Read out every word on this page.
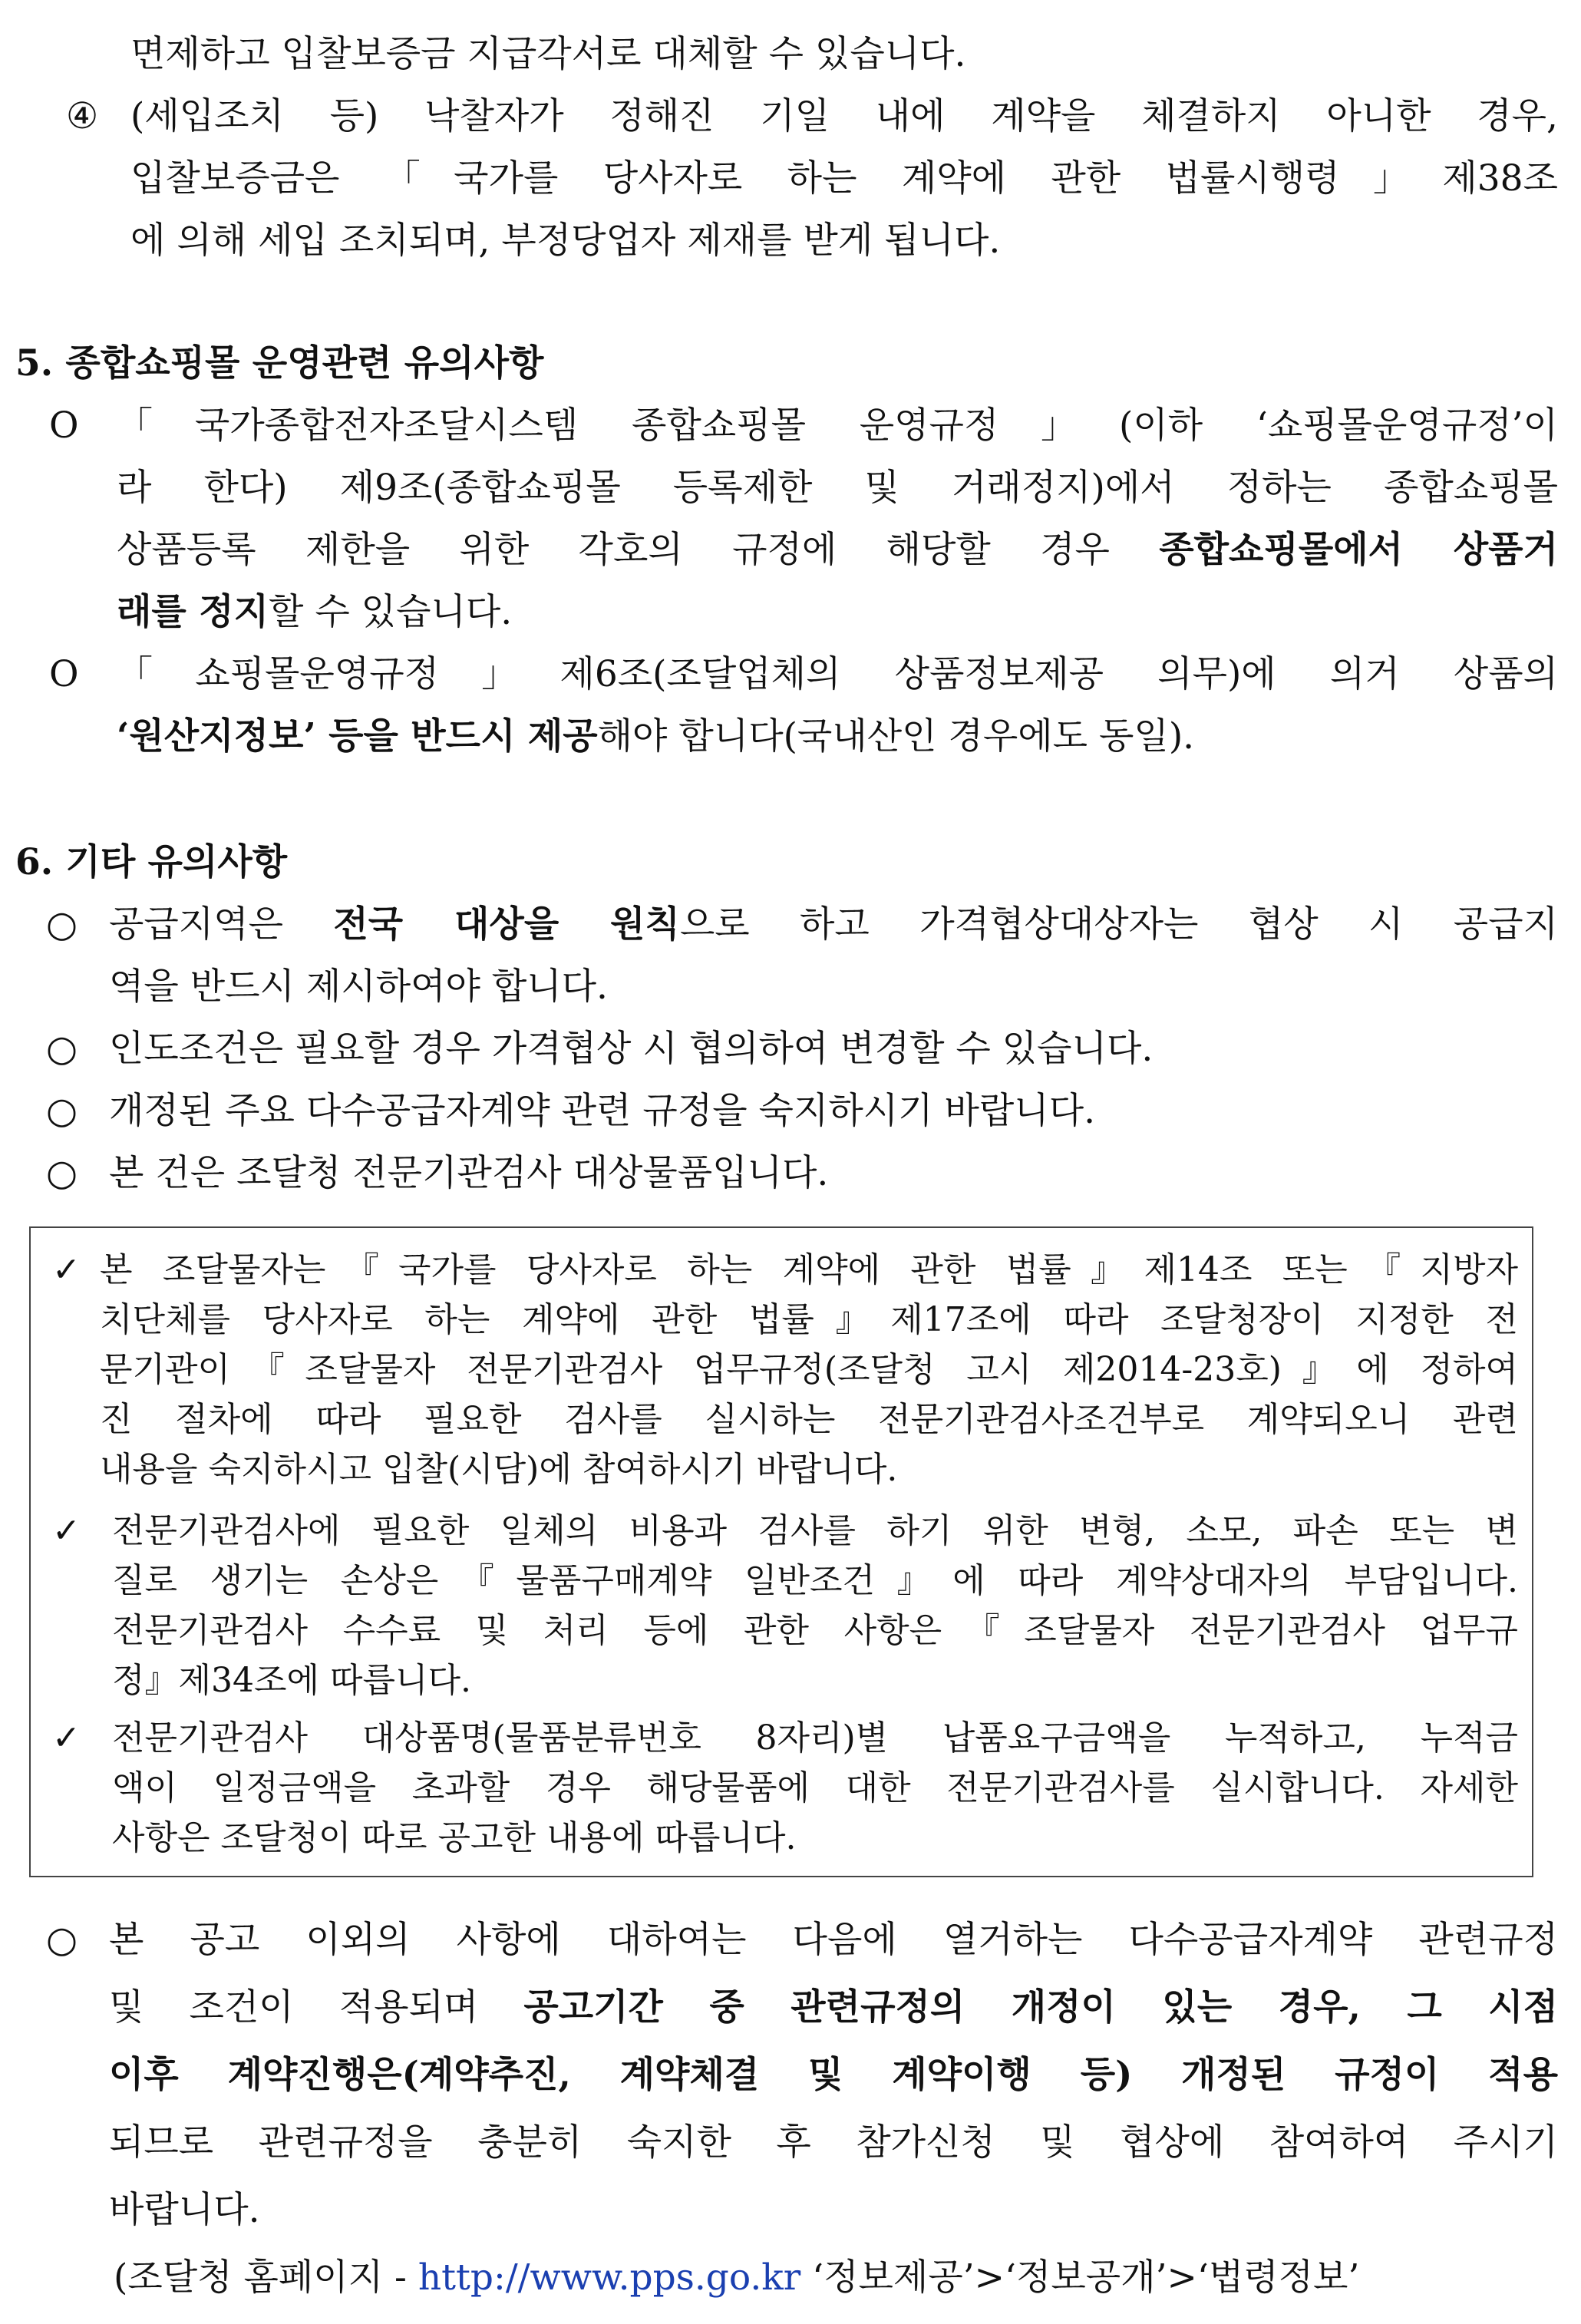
면제하고 입찰보증금 지급각서로 대체할 수 있습니다.
④ (세입조치 등) 낙찰자가 정해진 기일 내에 계약을 체결하지 아니한 경우,
입찰보증금은 「국가를 당사자로 하는 계약에 관한 법률시행령」제38조
에 의해 세입 조치되며, 부정당업자 제재를 받게 됩니다.
5. 종합쇼핑몰 운영관련 유의사항
O 「국가종합전자조달시스템 종합쇼핑몰 운영규정」(이하 ‘쇼핑몰운영규정’이
라 한다) 제9조(종합쇼핑몰 등록제한 및 거래정지)에서 정하는 종합쇼핑몰
상품등록 제한을 위한 각호의 규정에 해당할 경우 종합쇼핑몰에서 상품거
래를 정지할 수 있습니다.
O 「쇼핑몰운영규정」제6조(조달업체의 상품정보제공 의무)에 의거 상품의
‘원산지정보’ 등을 반드시 제공해야 합니다(국내산인 경우에도 동일).
6. 기타 유의사항
○ 공급지역은 전국 대상을 원칙으로 하고 가격협상대상자는 협상 시 공급지
역을 반드시 제시하여야 합니다.
○ 인도조건은 필요할 경우 가격협상 시 협의하여 변경할 수 있습니다.
○ 개정된 주요 다수공급자계약 관련 규정을 숙지하시기 바랍니다.
○ 본 건은 조달청 전문기관검사 대상물품입니다.
✓ 본 조달물자는『국가를 당사자로 하는 계약에 관한 법률』제14조 또는『지방자
치단체를 당사자로 하는 계약에 관한 법률』제17조에 따라 조달청장이 지정한 전
문기관이『조달물자 전문기관검사 업무규정(조달청 고시 제2014-23호)』에 정하여
진 절차에 따라 필요한 검사를 실시하는 전문기관검사조건부로 계약되오니 관련
내용을 숙지하시고 입찰(시담)에 참여하시기 바랍니다.
✓ 전문기관검사에 필요한 일체의 비용과 검사를 하기 위한 변형, 소모, 파손 또는 변
질로 생기는 손상은『물품구매계약 일반조건』에 따라 계약상대자의 부담입니다.
전문기관검사 수수료 및 처리 등에 관한 사항은『조달물자 전문기관검사 업무규
정』제34조에 따릅니다.
✓ 전문기관검사 대상품명(물품분류번호 8자리)별 납품요구금액을 누적하고, 누적금
액이 일정금액을 초과할 경우 해당물품에 대한 전문기관검사를 실시합니다. 자세한
사항은 조달청이 따로 공고한 내용에 따릅니다.
○ 본 공고 이외의 사항에 대하여는 다음에 열거하는 다수공급자계약 관련규정
및 조건이 적용되며 공고기간 중 관련규정의 개정이 있는 경우, 그 시점
이후 계약진행은(계약추진, 계약체결 및 계약이행 등) 개정된 규정이 적용
되므로 관련규정을 충분히 숙지한 후 참가신청 및 협상에 참여하여 주시기
바랍니다.
(조달청 홈페이지 - http://www.pps.go.kr ‘정보제공’>‘정보공개’>‘법령정보’
